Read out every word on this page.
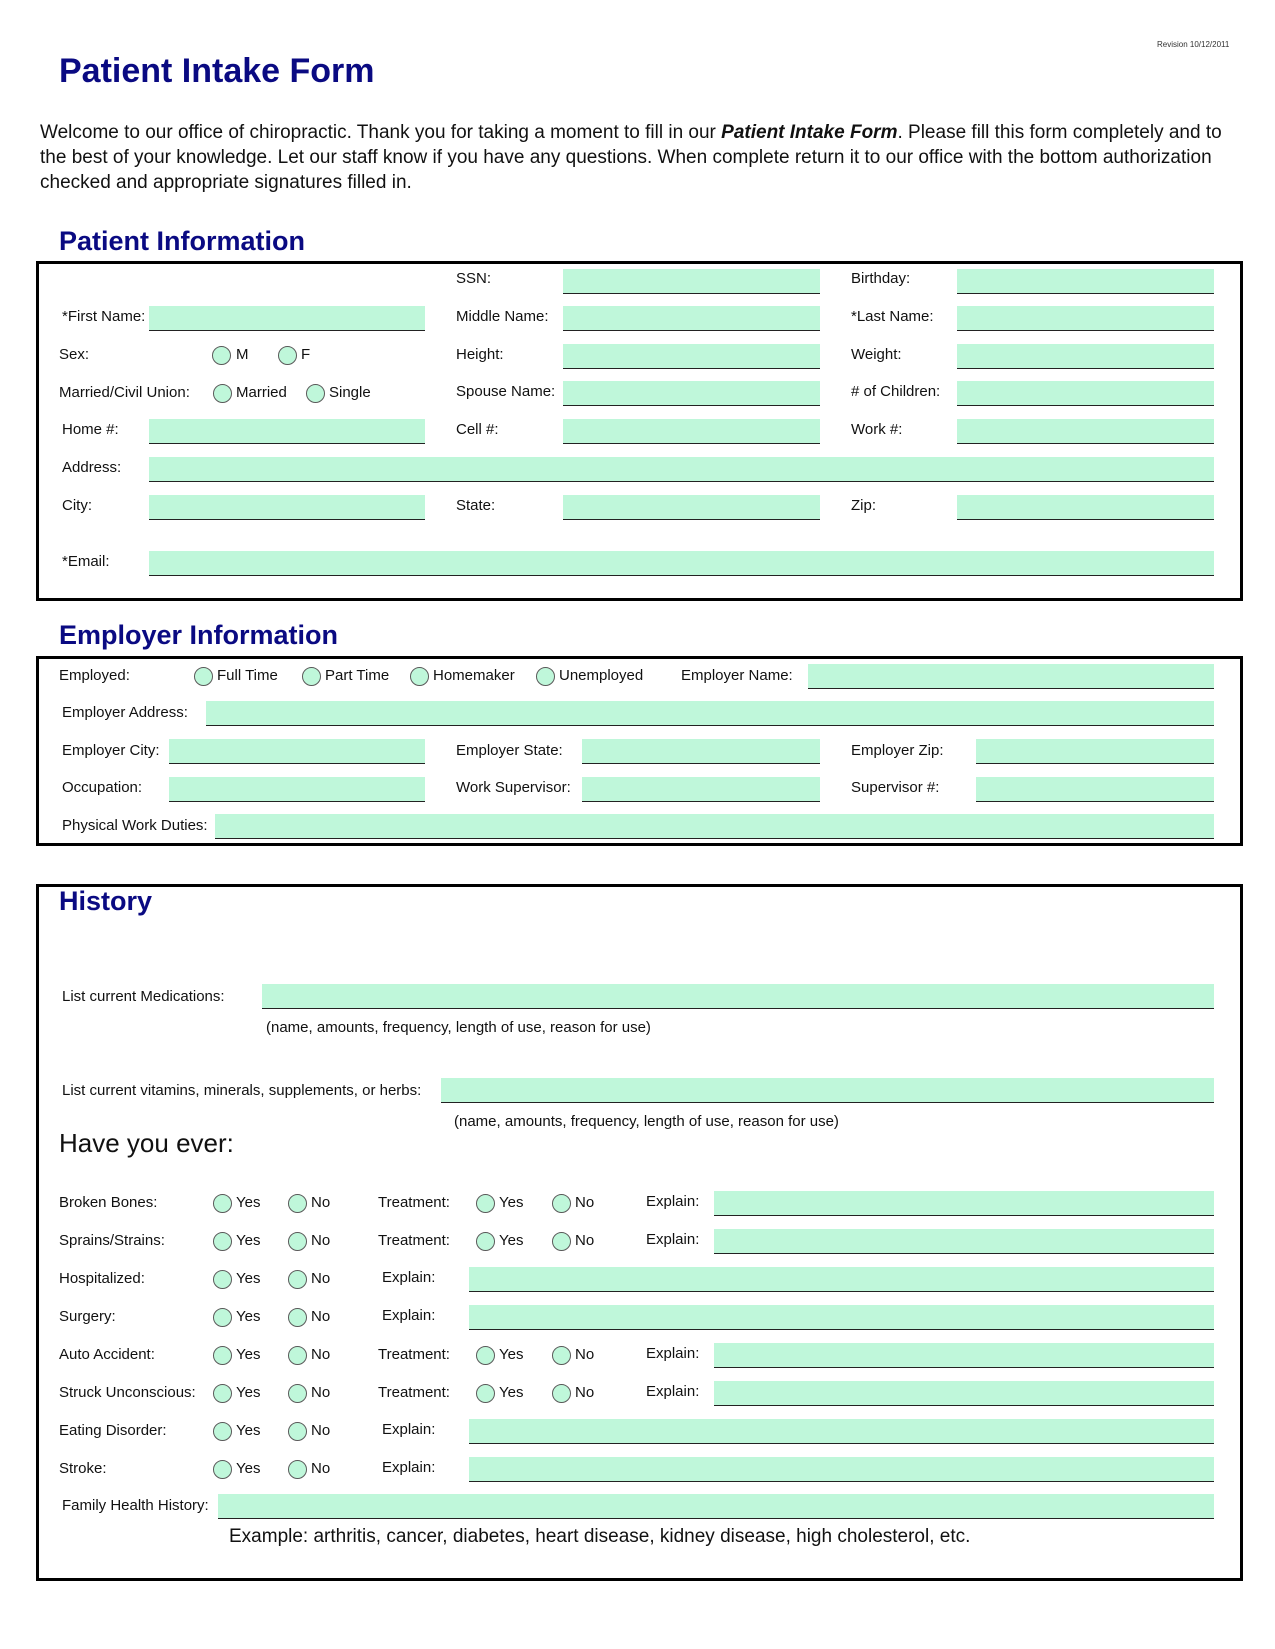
Revision 10/12/2011
Patient Intake Form
Welcome to our office of chiropractic. Thank you for taking a moment to fill in our Patient Intake Form. Please fill this form completely and to the best of your knowledge. Let our staff know if you have any questions. When complete return it to our office with the bottom authorization checked and appropriate signatures filled in.
Patient Information
SSN:	Birthday:
*First Name:	Middle Name:	*Last Name:
Sex:	M	F	Height:	Weight:
Married/Civil Union:	Married	Single	Spouse Name:	# of Children:
Home #:	Cell #:	Work #:
Address:
City:	State:	Zip:
*Email:
Employer Information
Employed:	Full Time	Part Time	Homemaker	Unemployed	Employer Name:
Employer Address:
Employer City:	Employer State:	Employer Zip:
Occupation:	Work Supervisor:	Supervisor #:
Physical Work Duties:
History
List current Medications:
(name, amounts, frequency, length of use, reason for use)
List current vitamins, minerals, supplements, or herbs:
(name, amounts, frequency, length of use, reason for use)
Have you ever:
Broken Bones:	Yes	No	Treatment:	Yes	No	Explain:
Sprains/Strains:	Yes	No	Treatment:	Yes	No	Explain:
Hospitalized:	Yes	No	Explain:
Surgery:	Yes	No	Explain:
Auto Accident:	Yes	No	Treatment:	Yes	No	Explain:
Struck Unconscious:	Yes	No	Treatment:	Yes	No	Explain:
Eating Disorder:	Yes	No	Explain:
Stroke:	Yes	No	Explain:
Family Health History:
Example: arthritis, cancer, diabetes, heart disease, kidney disease, high cholesterol, etc.
